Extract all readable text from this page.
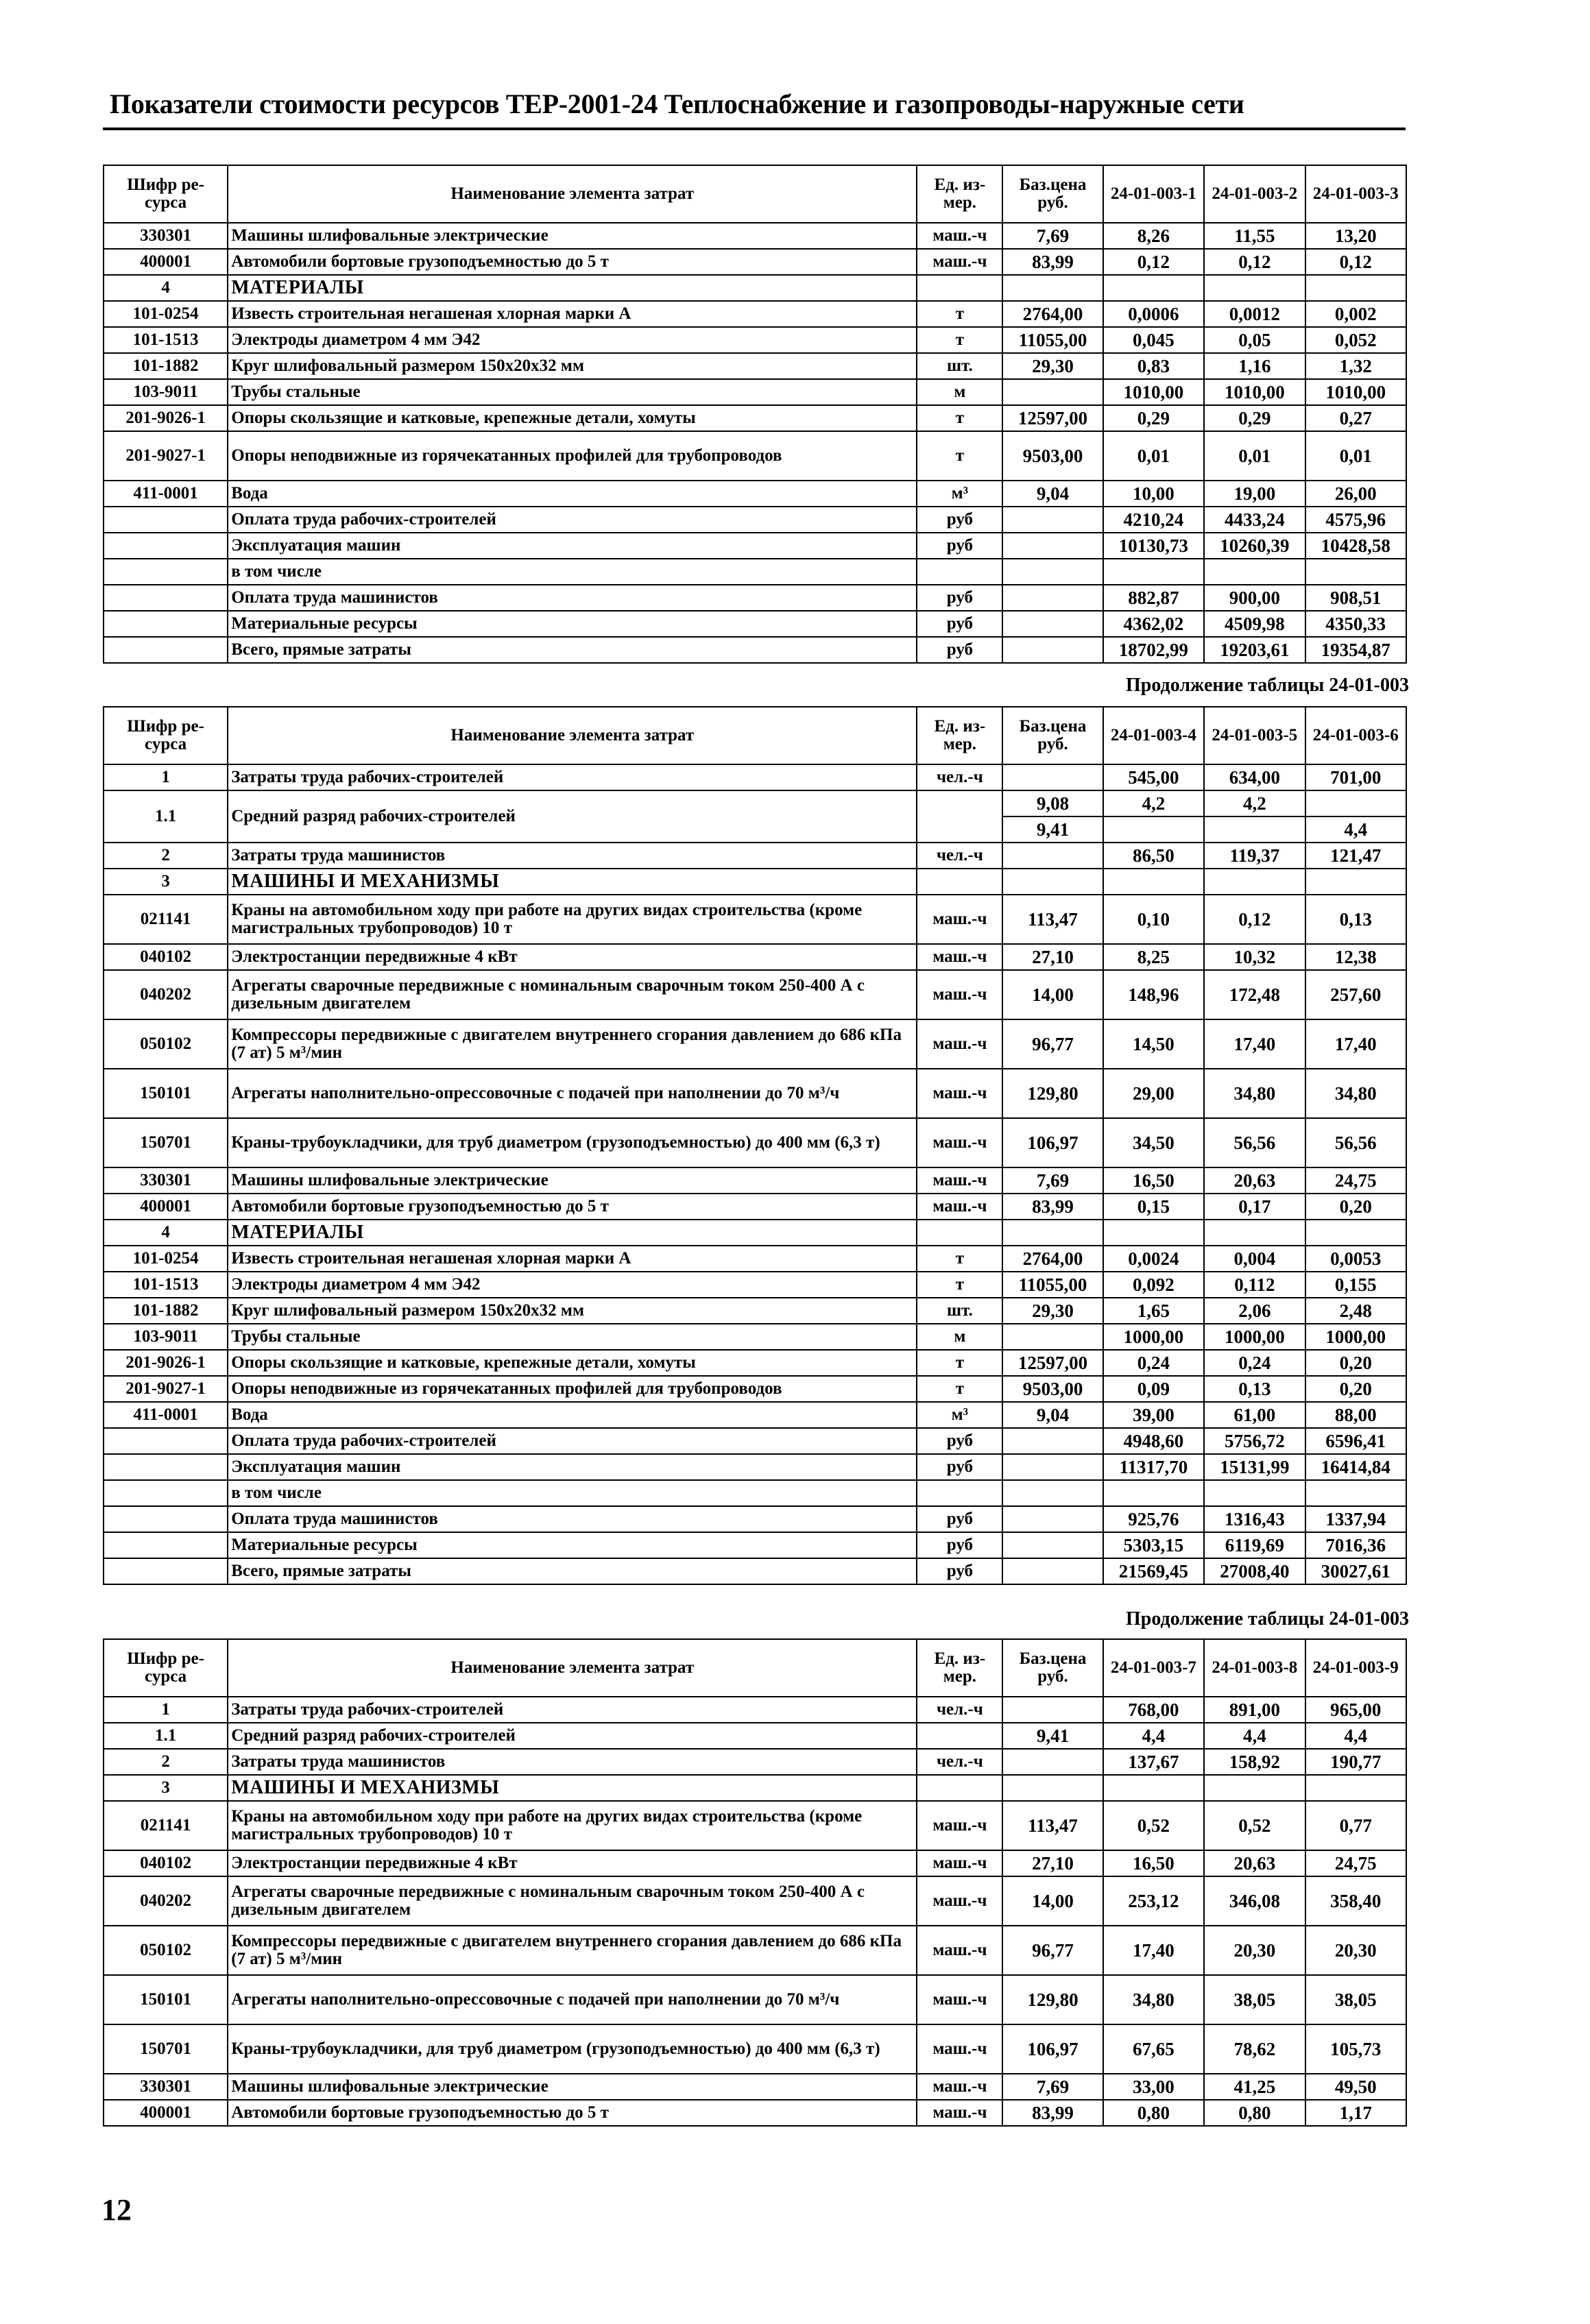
Показатели стоимости ресурсов ТЕР-2001-24 Теплоснабжение и газопроводы-наружные сети
Продолжение таблицы 24-01-003
Продолжение таблицы 24-01-003
Шифр ре-сурса	Наименование элемента затрат	Ед. из-мер.	Баз.цена руб.	24-01-003-1	24-01-003-2	24-01-003-3
330301	Машины шлифовальные электрические	маш.-ч	7,69	8,26	11,55	13,20
400001	Автомобили бортовые грузоподъемностью до 5 т	маш.-ч	83,99	0,12	0,12	0,12
4	МАТЕРИАЛЫ					
101-0254	Известь строительная негашеная хлорная марки А	т	2764,00	0,0006	0,0012	0,002
101-1513	Электроды диаметром 4 мм Э42	т	11055,00	0,045	0,05	0,052
101-1882	Круг шлифовальный размером 150х20х32 мм	шт.	29,30	0,83	1,16	1,32
103-9011	Трубы стальные	м		1010,00	1010,00	1010,00
201-9026-1	Опоры скользящие и катковые, крепежные детали, хомуты	т	12597,00	0,29	0,29	0,27
201-9027-1	Опоры неподвижные из горячекатанных профилей для трубопроводов	т	9503,00	0,01	0,01	0,01
411-0001	Вода	м³	9,04	10,00	19,00	26,00
	Оплата труда рабочих-строителей	руб		4210,24	4433,24	4575,96
	Эксплуатация машин	руб		10130,73	10260,39	10428,58
	в том числе					
	Оплата труда машинистов	руб		882,87	900,00	908,51
	Материальные ресурсы	руб		4362,02	4509,98	4350,33
	Всего, прямые затраты	руб		18702,99	19203,61	19354,87
Шифр ре-сурса	Наименование элемента затрат	Ед. из-мер.	Баз.цена руб.	24-01-003-4	24-01-003-5	24-01-003-6
1	Затраты труда рабочих-строителей	чел.-ч		545,00	634,00	701,00
1.1	Средний разряд рабочих-строителей		9,08	4,2	4,2	
			9,41			4,4
2	Затраты труда машинистов	чел.-ч		86,50	119,37	121,47
3	МАШИНЫ И МЕХАНИЗМЫ					
021141	Краны на автомобильном ходу при работе на других видах строительства (кроме магистральных трубопроводов) 10 т	маш.-ч	113,47	0,10	0,12	0,13
040102	Электростанции передвижные 4 кВт	маш.-ч	27,10	8,25	10,32	12,38
040202	Агрегаты сварочные передвижные с номинальным сварочным током 250-400 А с дизельным двигателем	маш.-ч	14,00	148,96	172,48	257,60
050102	Компрессоры передвижные с двигателем внутреннего сгорания давлением до 686 кПа (7 ат) 5 м³/мин	маш.-ч	96,77	14,50	17,40	17,40
150101	Агрегаты наполнительно-опрессовочные с подачей при наполнении до 70 м³/ч	маш.-ч	129,80	29,00	34,80	34,80
150701	Краны-трубоукладчики, для труб диаметром (грузоподъемностью) до 400 мм (6,3 т)	маш.-ч	106,97	34,50	56,56	56,56
330301	Машины шлифовальные электрические	маш.-ч	7,69	16,50	20,63	24,75
400001	Автомобили бортовые грузоподъемностью до 5 т	маш.-ч	83,99	0,15	0,17	0,20
4	МАТЕРИАЛЫ					
101-0254	Известь строительная негашеная хлорная марки А	т	2764,00	0,0024	0,004	0,0053
101-1513	Электроды диаметром 4 мм Э42	т	11055,00	0,092	0,112	0,155
101-1882	Круг шлифовальный размером 150х20х32 мм	шт.	29,30	1,65	2,06	2,48
103-9011	Трубы стальные	м		1000,00	1000,00	1000,00
201-9026-1	Опоры скользящие и катковые, крепежные детали, хомуты	т	12597,00	0,24	0,24	0,20
201-9027-1	Опоры неподвижные из горячекатанных профилей для трубопроводов	т	9503,00	0,09	0,13	0,20
411-0001	Вода	м³	9,04	39,00	61,00	88,00
	Оплата труда рабочих-строителей	руб		4948,60	5756,72	6596,41
	Эксплуатация машин	руб		11317,70	15131,99	16414,84
	в том числе					
	Оплата труда машинистов	руб		925,76	1316,43	1337,94
	Материальные ресурсы	руб		5303,15	6119,69	7016,36
	Всего, прямые затраты	руб		21569,45	27008,40	30027,61
Шифр ре-сурса	Наименование элемента затрат	Ед. из-мер.	Баз.цена руб.	24-01-003-7	24-01-003-8	24-01-003-9
1	Затраты труда рабочих-строителей	чел.-ч		768,00	891,00	965,00
1.1	Средний разряд рабочих-строителей		9,41	4,4	4,4	4,4
2	Затраты труда машинистов	чел.-ч		137,67	158,92	190,77
3	МАШИНЫ И МЕХАНИЗМЫ					
021141	Краны на автомобильном ходу при работе на других видах строительства (кроме магистральных трубопроводов) 10 т	маш.-ч	113,47	0,52	0,52	0,77
040102	Электростанции передвижные 4 кВт	маш.-ч	27,10	16,50	20,63	24,75
040202	Агрегаты сварочные передвижные с номинальным сварочным током 250-400 А с дизельным двигателем	маш.-ч	14,00	253,12	346,08	358,40
050102	Компрессоры передвижные с двигателем внутреннего сгорания давлением до 686 кПа (7 ат) 5 м³/мин	маш.-ч	96,77	17,40	20,30	20,30
150101	Агрегаты наполнительно-опрессовочные с подачей при наполнении до 70 м³/ч	маш.-ч	129,80	34,80	38,05	38,05
150701	Краны-трубоукладчики, для труб диаметром (грузоподъемностью) до 400 мм (6,3 т)	маш.-ч	106,97	67,65	78,62	105,73
330301	Машины шлифовальные электрические	маш.-ч	7,69	33,00	41,25	49,50
400001	Автомобили бортовые грузоподъемностью до 5 т	маш.-ч	83,99	0,80	0,80	1,17
12
